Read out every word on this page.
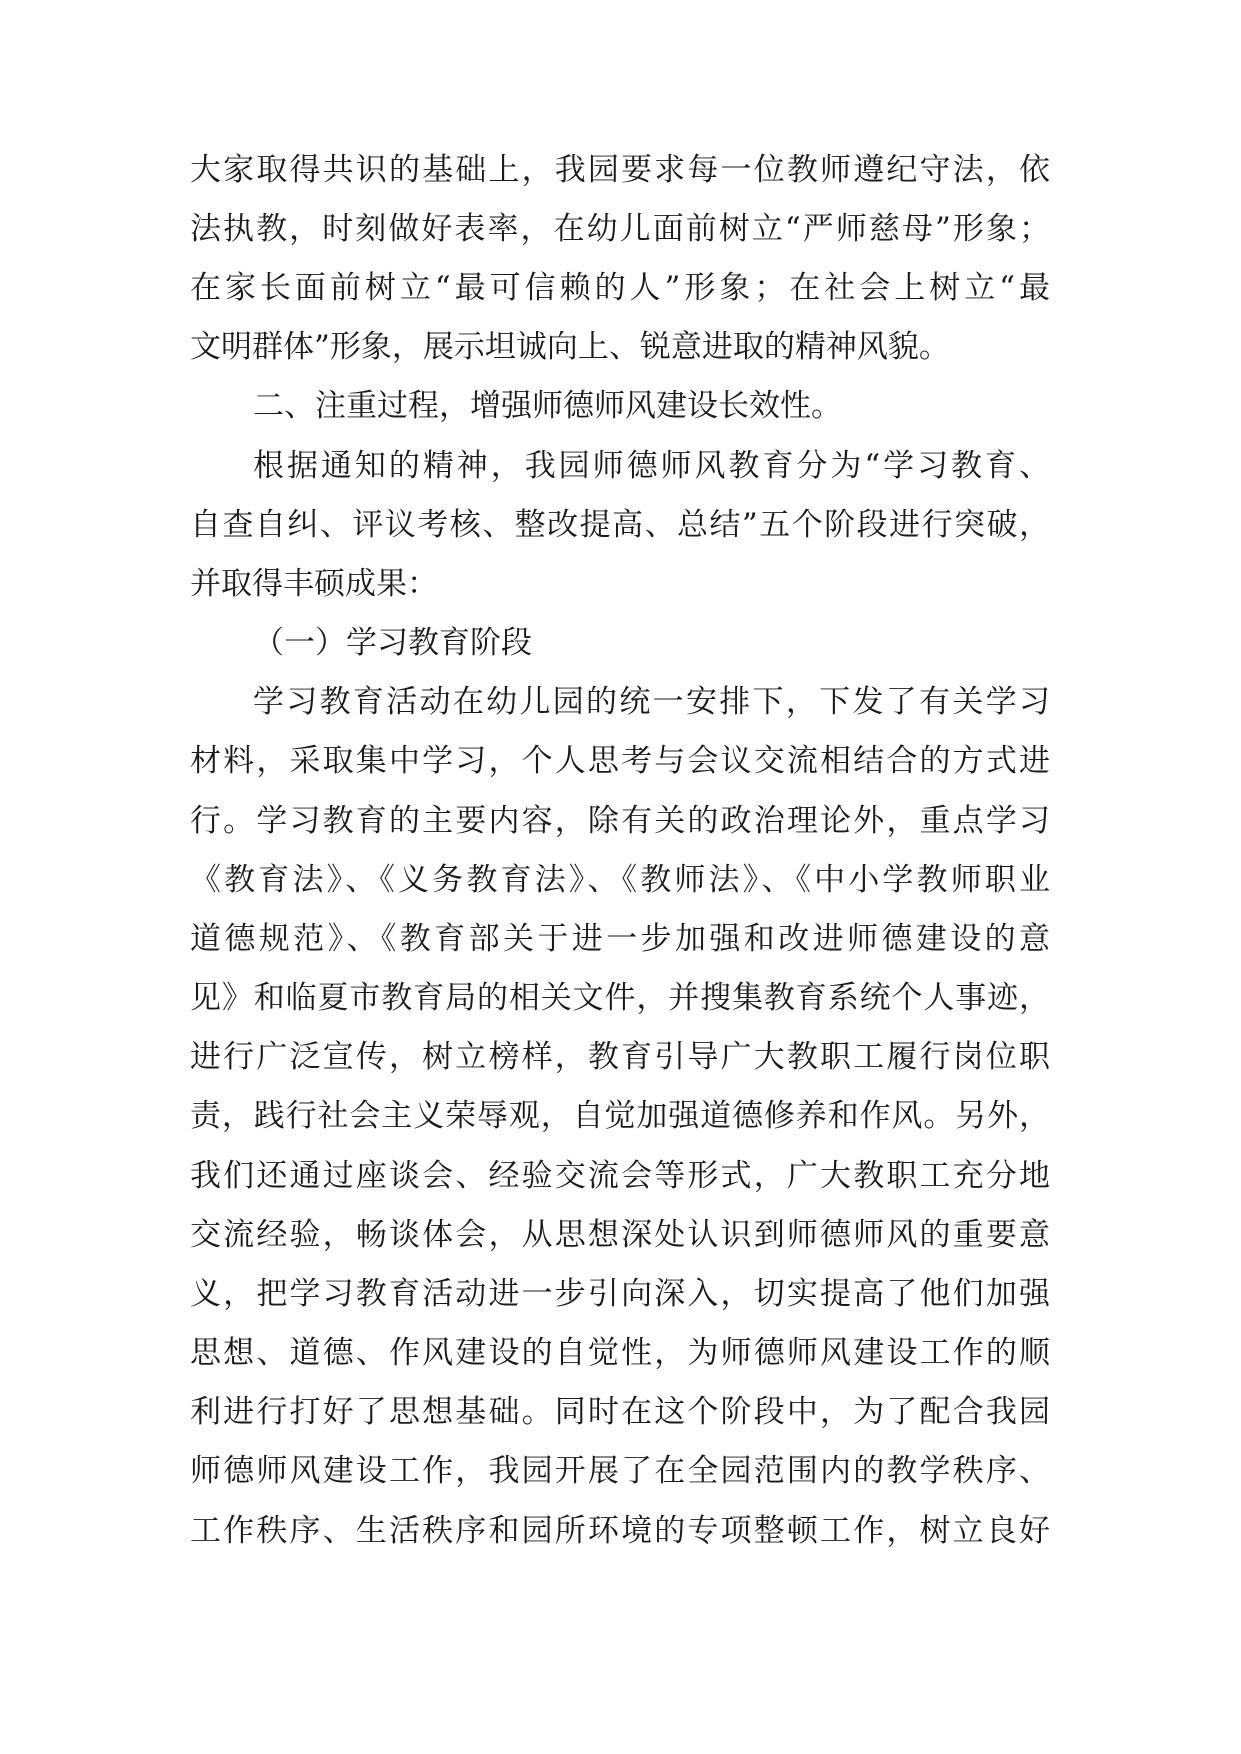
大家取得共识的基础上，我园要求每一位教师遵纪守法，依
法执教，时刻做好表率，在幼儿面前树立“严师慈母”形象；
在家长面前树立“最可信赖的人”形象；在社会上树立“最
文明群体”形象，展示坦诚向上、锐意进取的精神风貌。
二、注重过程，增强师德师风建设长效性。
根据通知的精神，我园师德师风教育分为“学习教育、
自查自纠、评议考核、整改提高、总结”五个阶段进行突破，
并取得丰硕成果：
（一）学习教育阶段
学习教育活动在幼儿园的统一安排下，下发了有关学习
材料，采取集中学习，个人思考与会议交流相结合的方式进
行。学习教育的主要内容，除有关的政治理论外，重点学习
《教育法》、《义务教育法》、《教师法》、《中小学教师职业
道德规范》、《教育部关于进一步加强和改进师德建设的意
见》和临夏市教育局的相关文件，并搜集教育系统个人事迹，
进行广泛宣传，树立榜样，教育引导广大教职工履行岗位职
责，践行社会主义荣辱观，自觉加强道德修养和作风。另外，
我们还通过座谈会、经验交流会等形式，广大教职工充分地
交流经验，畅谈体会，从思想深处认识到师德师风的重要意
义，把学习教育活动进一步引向深入，切实提高了他们加强
思想、道德、作风建设的自觉性，为师德师风建设工作的顺
利进行打好了思想基础。同时在这个阶段中，为了配合我园
师德师风建设工作，我园开展了在全园范围内的教学秩序、
工作秩序、生活秩序和园所环境的专项整顿工作，树立良好
